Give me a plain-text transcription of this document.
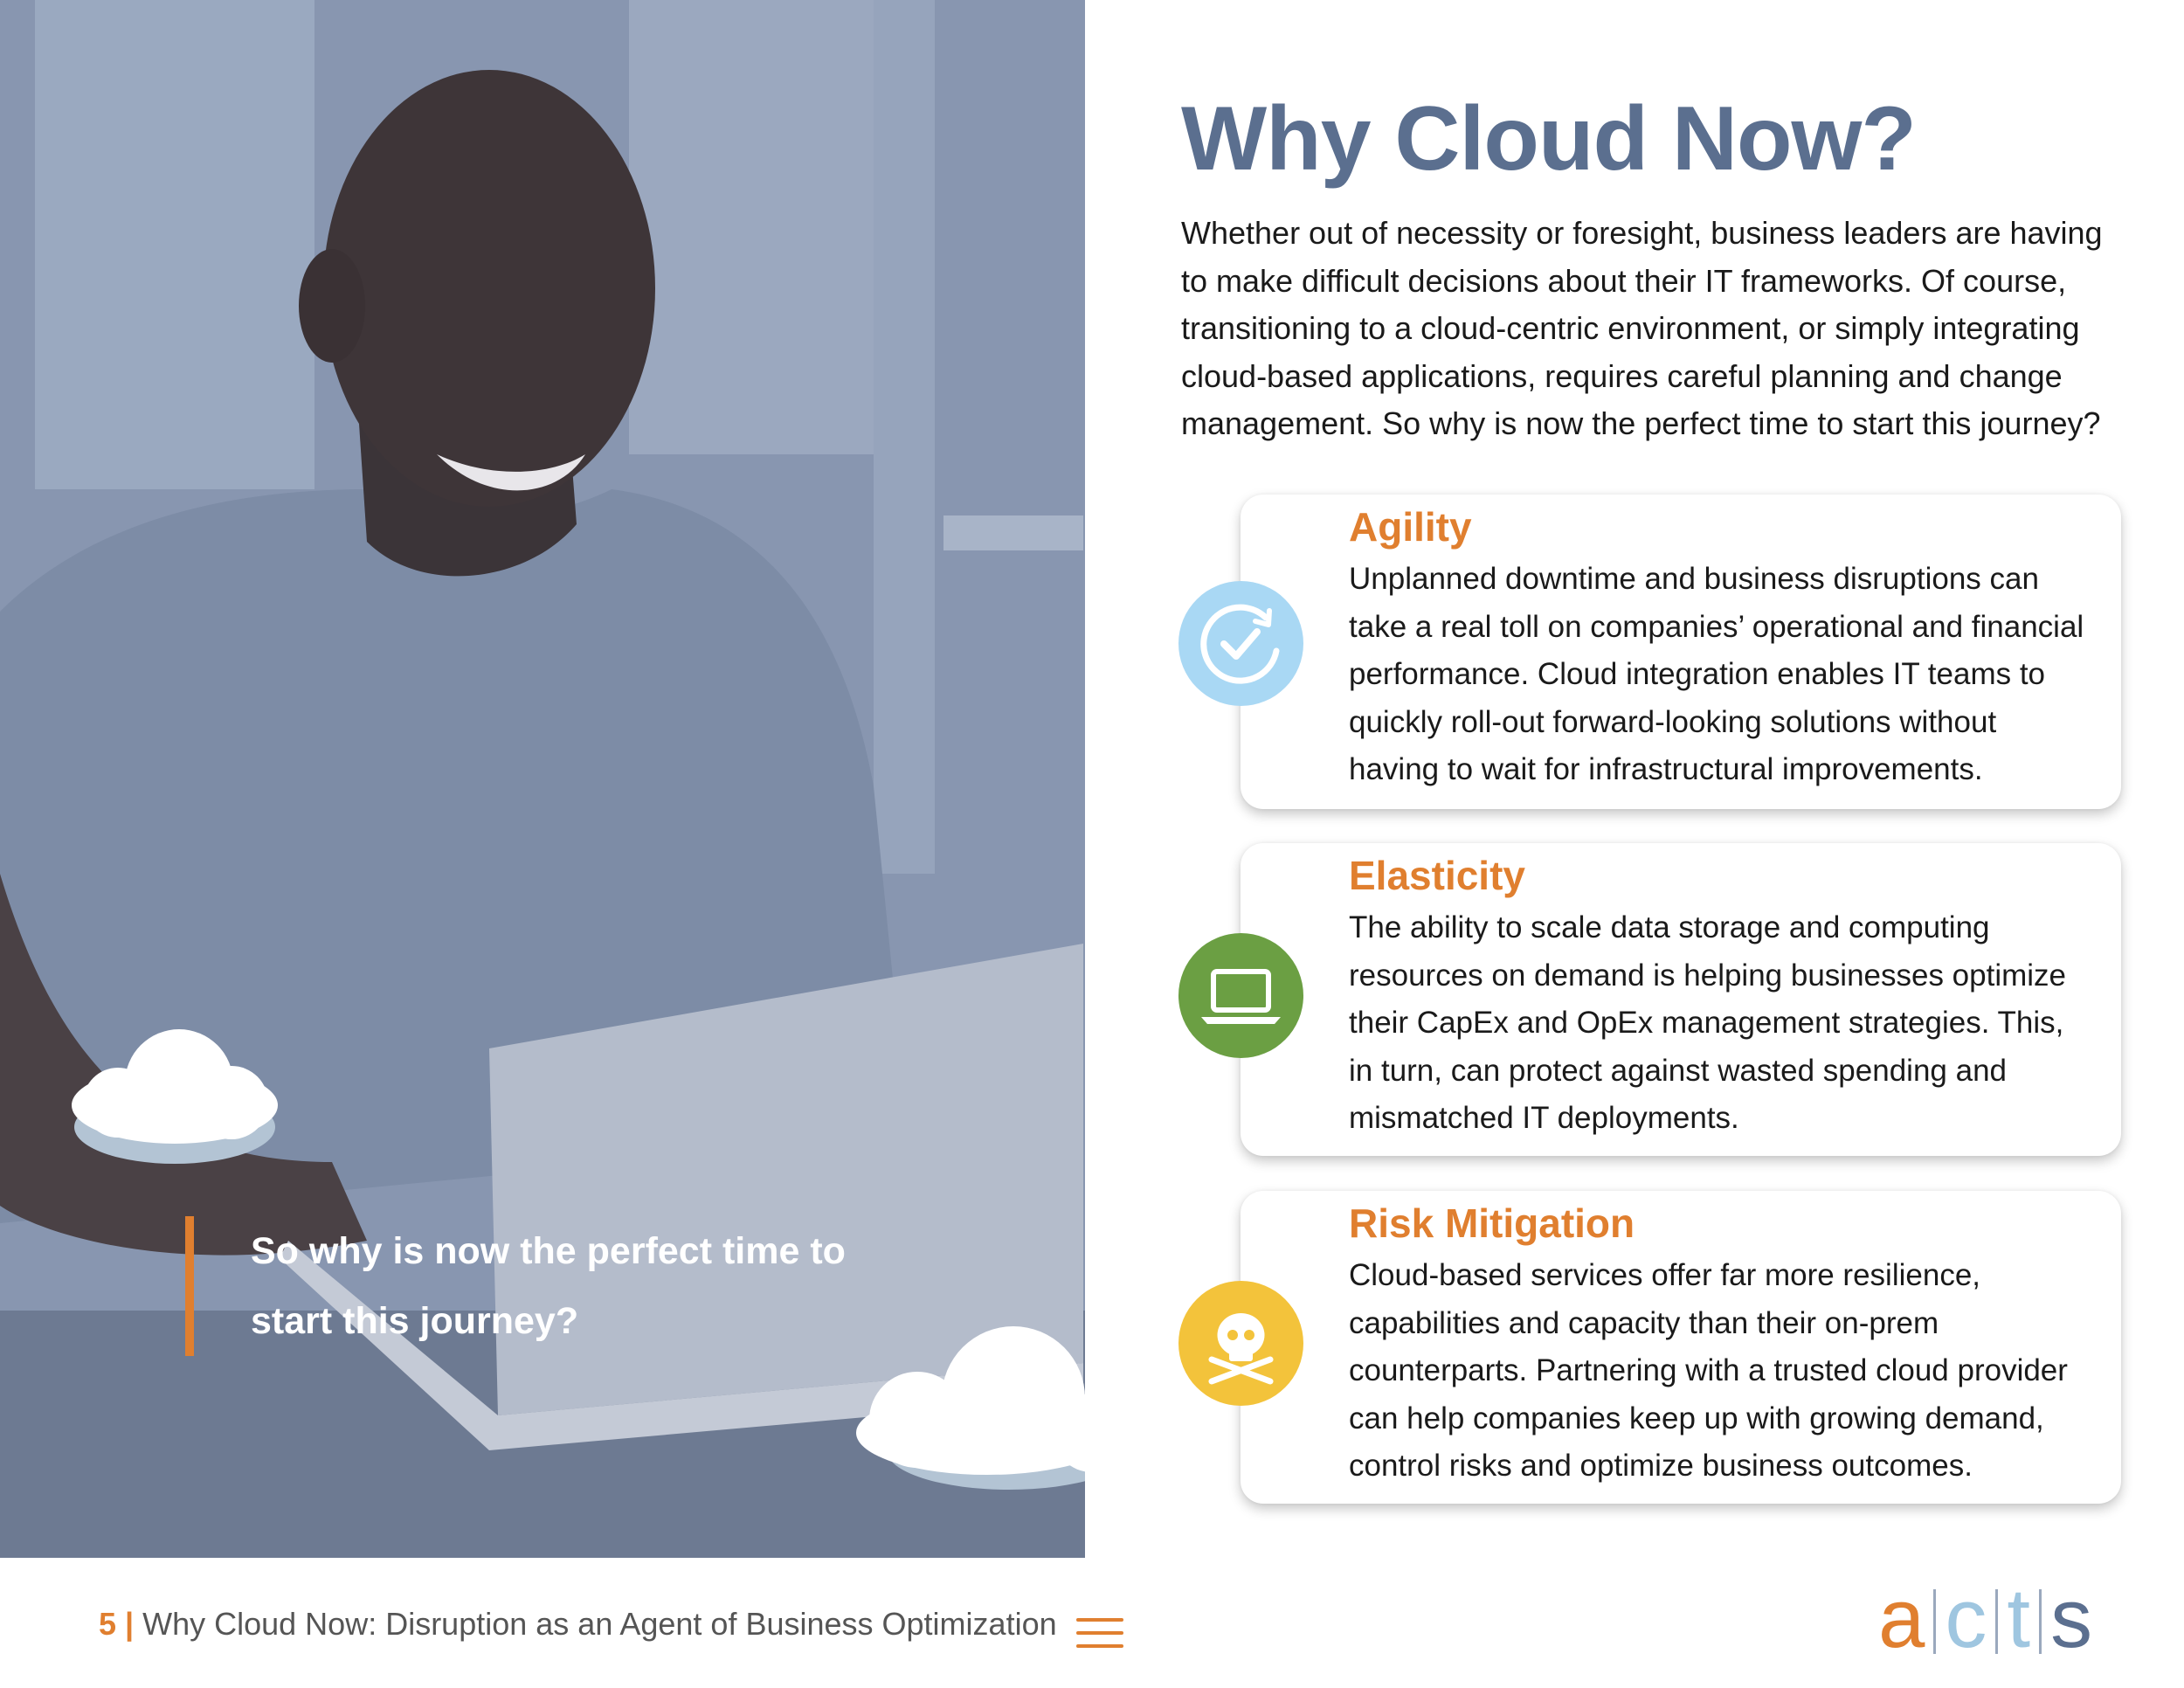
So why is now the perfect time to
start this journey?

Why Cloud Now?

Whether out of necessity or foresight, business leaders are having to make difficult decisions about their IT frameworks. Of course, transitioning to a cloud-centric environment, or simply integrating cloud-based applications, requires careful planning and change management. So why is now the perfect time to start this journey?

Agility

Unplanned downtime and business disruptions can
take a real toll on companies’ operational and financial
performance. Cloud integration enables IT teams to
quickly roll-out forward-looking solutions without
having to wait for infrastructural improvements.

Elasticity

The ability to scale data storage and computing
resources on demand is helping businesses optimize
their CapEx and OpEx management strategies. This,
in turn, can protect against wasted spending and
mismatched IT deployments.

Risk Mitigation

Cloud-based services offer far more resilience,
capabilities and capacity than their on-prem
counterparts. Partnering with a trusted cloud provider
can help companies keep up with growing demand,
control risks and optimize business outcomes.

5 | Why Cloud Now: Disruption as an Agent of Business Optimization	a c t s
